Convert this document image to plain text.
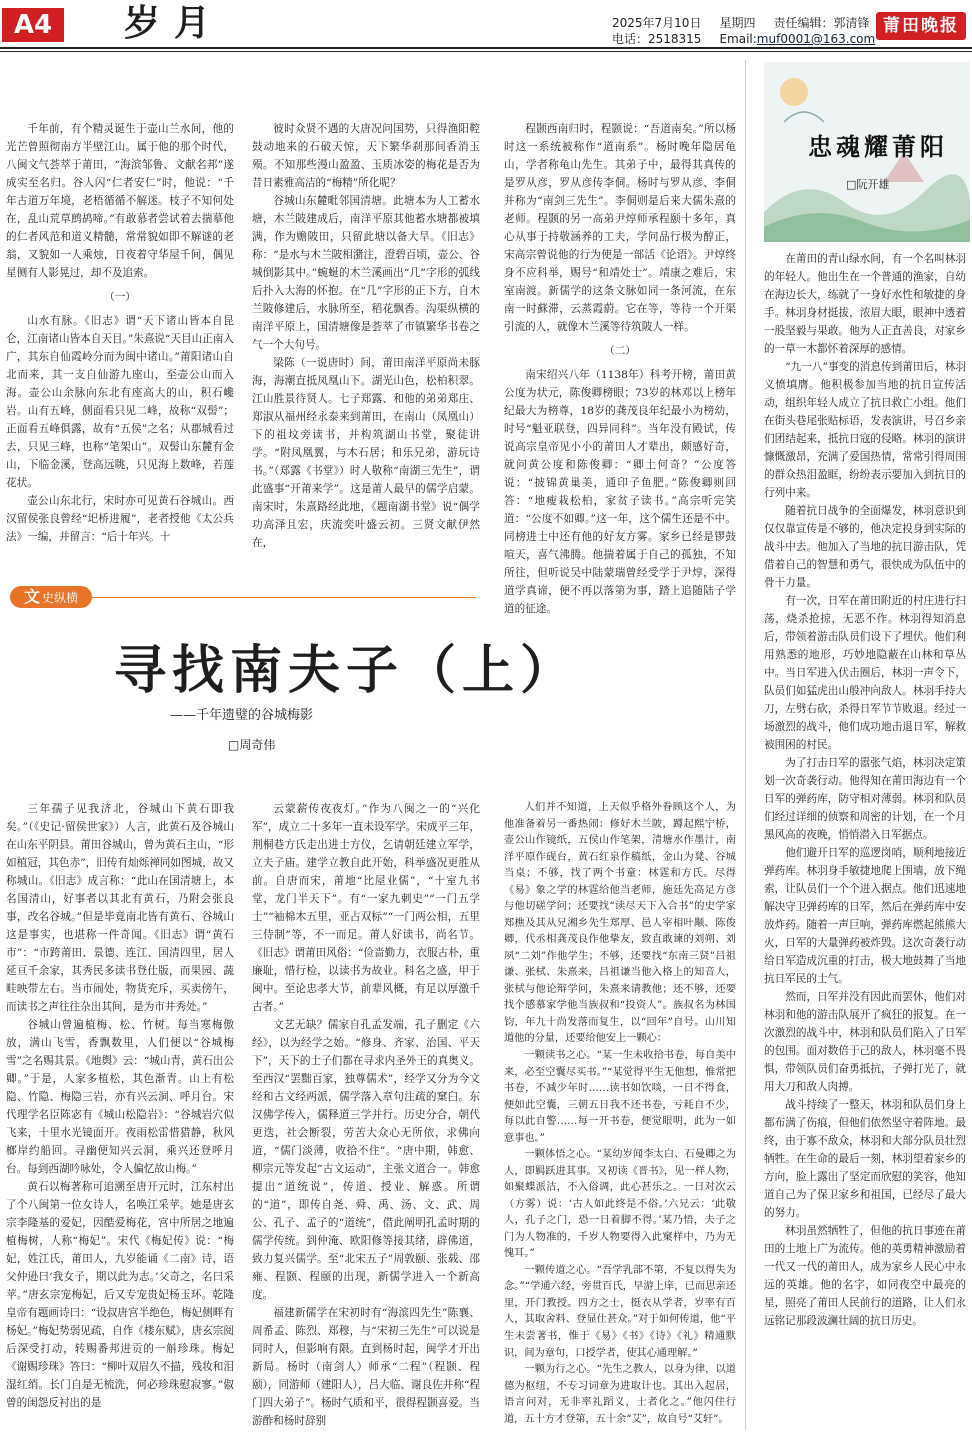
A4	岁月	2025年7月10日 星期四 责任编辑：郭清锋
电话：2518315 Email:muf0001@163.com
莆田晚报

千年前，有个精灵诞生于壶山兰水间，他的光芒曾照彻南方半壁江山。属于他的那个时代，八闽文气荟萃于莆田，“海滨邹鲁、文献名邦”遂成实至名归。谷人闪“仁者安仁”时，他说：“千年古道万年境，老梧循循不解迷。枝子不知何处在，乱山荒草鹧鸪啼。”有敢慕者尝试着去揣摹他的仁者风范和道义精髓，常常貌如即不解谜的老翁，又貌如一人乘烛，日夜着守华屋千间，偶见星侧有人影晃过，却不及追索。

（一）

山水有脉。《旧志》谓“天下诸山皆本自昆仑，江南诸山皆本自天目。”朱熹说“天目山正南入广，其东自仙霞岭分而为闽中诸山。”莆阳诸山自北而来，其一支自仙游九座山，至壶公山而入海。壶公山余脉向东北有座高大的山，积石巉岩。山有五峰，侧面看只见二峰，故称“双髻”；正面看五峰俱露，故有“五侯”之名；从郡城看过去，只见三峰，也称“笔架山”。双髻山东麓有金山，下临金溪，登高远眺，只见海上数峰，若莲花状。

壶公山东北行，宋时亦可见黄石谷城山。西汉留侯张良曾经“圯桥进履”，老者授他《太公兵法》一编，并留言：“后十年兴。十

彼时众贤不遇的大唐况问国势，只得渔阳鞚鼓动地来的石破天惊，天下繁华刹那间香消玉殒。不知那些漫山盈盈、玉质冰姿的梅花是否为昔日素雅高洁的“梅精”所化呢？

谷城山东麓毗邻国清塘。此塘本为人工蓄水塘，木兰陂建成后，南洋平原其他蓄水塘都被填满，作为赡陂田，只留此塘以备大旱。《旧志》称：“是水与木兰陂相潴注，澄碧百顷，壶公、谷城倒影其中。”蜿蜒的木兰溪画出“几”字形的弧线后扑入大海的怀抱。在“几”字形的正下方，自木兰陂修建后，水脉所至，稻花飘香。沟渠纵横的南洋平原上，国清塘像是荟萃了市镇繁华书卷之气一个大句号。

梁陈（一说唐时）间，莆田南洋平原尚未豚海，海潮直抵凤凰山下。湖光山色，松柏积翠。江山胜景待贤人。七子郑露、和他的弟弟郑庄、郑淑从福州经永泰来到莆田，在南山（凤凰山）下的祖坟旁读书，并构筑湖山书堂，聚徒讲学。“附凤凰翼，与木石居；和乐兄弟，游玩诗书。”（郑露《书堂》）时人敬称“南湖三先生”，谓此盛事“开莆来学”。这是莆人最早的儒学启蒙。南宋时，朱熹路经此地，《题南湖书堂》说“偶学功高泽且宏，庆流奕叶盛云初。三贤文献伊然在，

程颢西南归时，程颢说：“吾道南矣。”所以杨时这一系统被称作“道南系”。杨时晚年隐居龟山，学者称龟山先生。其弟子中，最得其真传的是罗从彦，罗从彦传李侗。杨时与罗从彦、李侗并称为“南剑三先生”。李侗则是后来大儒朱熹的老师。程颢的另一高弟尹焞师承程颐十多年，真心从事于持敬涵养的工夫，学问品行极为醇正，宋高宗曾说他的行为使是一部活《论语》。尹焞终身不应科举，赐号“和靖处士”。靖康之难后，宋室南渡。新儒学的这条文脉如同一条河流，在东南一时蘇滞，云蒸霞蔚。它在等，等待一个开渠引流的人，就像木兰溪等待筑陂人一样。

（二）

南宋绍兴八年（1138年）科考开榜，莆田黄公度为状元，陈俊卿榜眼；73岁的林邓以上榜年纪最大为榜尊，18岁的龚茂良年纪最小为榜幼，时号“魁亚联登，四异同科”。当年没有殿试，传说高宗皇帝见小小的莆田人才辈出，颇感好奇，就问黄公度和陈俊卿：“卿土何奇？”公度答说：“披锦黄巢美，通印子鱼肥。”陈俊卿则回答：“地瘦栽松柏，家贫子读书。”高宗听完笑道：“公度不如卿。”这一年，这个儒生还是不中。同榜进士中还有他的好友方雾。家乡已经是锣鼓喧天，喜气沸腾。他揣着属于自己的孤独，不知所往，但听说吴中陆蒙瑞曾经受学于尹焞，深得道学真谛，便不再以落第为事，踏上追随陆子学道的征途。

文 史纵横
寻找南夫子（上）
——千年遗璧的谷城梅影
□周奇伟

三年孺子见我济北，谷城山下黄石即我矣。”（《史记·留侯世家》）人言，此黄石及谷城山在山东平阴县。莆田谷城山，曾为黄石主山，“形如植冠，其色赤”，旧传有灿烁禅同如图城，故又称城山。《旧志》成言称：“此山在国清塘上，本名国清山，好事者以其北有黄石，乃附会张良事，改名谷城。”但是毕竟南北皆有黄石、谷城山这是事实，也堪称一件奇闻。《旧志》谓“黄石市”：“市跨莆田、景德、连江、国清四里，居人延亘千余家，其秀民多读书登仕版，而果园、蔬畦映带左右。当市闹处，物货充斥，买卖傍午，而读书之声往往杂出其间，是为市井秀处。”

谷城山曾遍植梅、松、竹树。每当寒梅傲放，满山飞雪，香飘数里，人们便以“谷城梅雪”之名赐其景。《地舆》云：“城山青，黄石出公卿。”于是，人家多植松，其色渐青。山上有松隐、竹隐、梅隐三岩，亦有兴云洞、呼月台。宋代理学名臣陈宓有《城山松隐岩》：“谷城岩穴似飞来，十里水光镜面开。夜雨松雷惜猎静，秋风榔岸约船回。寻幽便知兴云洞，乘兴还登呼月台。每到西湖吟咏处，令人偏忆故山梅。”

黄石以梅著称可追溯至唐开元时，江东村出了个八闽第一位女诗人，名唤江采苹。她是唐玄宗李隆基的爱妃，因酷爱梅花，宫中所居之地遍植梅树，人称“梅妃”。宋代《梅妃传》说：“梅妃，姓江氏，莆田人，九岁能诵《二南》诗，语父仲逊曰‘我女子，期以此为志。’父奇之，名曰采苹。”唐玄宗宠梅妃，后又专宠贵妃杨玉环。乾隆皇帝有题画诗曰：“设叔唐宫半绝色，梅妃侧畔有杨妃。”梅妃势弱见疏，自作《楼东赋》，唐玄宗阅后深受打动，转赐番邦进贡的一斛珍珠。梅妃《谢赐珍珠》答曰：“柳叶双眉久不描，残妆和泪湿红绡。长门自是无梳洗，何必珍珠慰寂寥。”俶曾的闺怨反衬出的是

云蒙薪传夜夜灯。”作为八闽之一的“兴化军”，成立二十多年一直未设军学。宋成平三年，荆桐巷方氏走出进士方仪，乞请朝廷建立军学，立夫子庙。建学立教自此开始，科举盛况更胜从前。自唐而宋，莆地“比屋业儒”，“十室九书堂，龙门半天下”。有“一家九刺史”“一门五学士”“袖棉木五里，亚占双标”“一门两公相，五里三侍制”等，不一而足。莆人好读书，尚名节。《旧志》谓莆田风俗：“俭啬勤力，衣服古朴，重廉耻，惜行检，以读书为故业。科名之盛，甲于闽中。至论忠孝大节，前辈风概，有足以厚激千古者。”

文艺无缺？儒家自孔孟发端，孔子删定《六经》，以为经学之始。“修身、齐家、治国、平天下”，天下的士子们都在寻求内圣外王的真奥义。至西汉“罢黜百家，独尊儒术”，经学又分为今文经和古文经两派，儒学落入章句注疏的窠臼。东汉佛学传入，儒释道三学并行。历史分合，朝代更迭，社会断裂，劳苦大众心无所依，求佛向道，“儒门淡薄，收拾不住”。“唐中期，韩愈、柳宗元等发起“古文运动”，主张文道合一。韩愈提出“道统说”，传道、授业、解惑。所谓的“道”，即传自尧、舜、禹、汤、文、武、周公、孔子、孟子的“道统”，借此阐明孔孟时期的儒学传统。到仲淹、欧阳修等接其绪，辟佛道，致力复兴儒学。至“北宋五子”周敦颐、张载、邵雍、程颢、程颐的出现，新儒学进入一个新高度。

福建新儒学在宋初时有“海滨四先生”陈襄、周希孟、陈烈、郑穆，与“宋初三先生”可以说是同时人，但影响有限。直到杨时起，闽学才开出新局。杨时（南剑人）师承“二程”（程颢、程颐），同游师（建阳人），吕大临、谢良佐并称“程门四大弟子”。杨时气质和平，很得程颢喜爱。当游酢和杨时辞别

人们并不知道，上天似乎格外眷顾这个人，为他准备着另一番热闹：修好木兰陂，蹲起熙宁桥，壶公山作镜纸，五侯山作笔架，清塘水作墨汁，南洋平原作砚台，黄石红泉作稿纸，金山为凳、谷城当桌；不够，找了两个书童：林霆和方氏。尽得《易》象之学的林霆给他当老师，施廷先高足方彦与他切磋学问；还要找“读尽天下入合书”的史学家郑樵及其从兄湘乡先生郑厚、邑人宰相叶颙、陈俊卿，代丞相龚茂良作他挚友，致直敢谏的刘朔、刘夙“二刘”作他学生；不够，还要找“东南三贤”吕祖谦、张栻、朱熹来，吕祖谦当他入格上的知音人，张栻与他论辩学问，朱熹来请教他；还不够，还要找个感慕家学他当族叔和“投资人”。族叔名为林国钧，年九十尚发落而复生，以“回年”自号。山川知道他的分量，还要给他安上一颗心：

一颗读书之心。“某一生未收拾书卷，每自美中来，必至空囊尽买书。”“某觉得平生无他想，惟常把书卷，不减少年时……读书如饮啖，一日不得食，便如此空囊，三朝五日我不还书卷，亏耗自不少，每以此自警……每一开书卷，便觉眼明，此为一如意事也。”

一颗体悟之心。“某幼岁闻李太白、石曼卿之为人，即羁跃进其事。又初读《晋书》，见一样人物，如聚蝶派洁，不入俗调，此心甚乐之。一日对次云（方雾）说：‘古人如此终是不俗。’六兄云：‘此敬人，孔子之门，恐一日着脚不得。’某乃悟，夫子之门为人物准的，千岁人物要得入此窠样中，乃为无愧耳。”

一颗传道之心。“吾学乳部不第，不复以得失为念。”“学通六经，旁贯百氏，早游上庠，已而思亲还里，开门教授。四方之士，挺衣从学者，岁率有百人，其取舍料、登显仕甚众。”对于如何传道，他“平生未尝著书，惟于《易》《书》《诗》《礼》精通默识，间为章句，口授学者，使其心通理解。”

一颗为行之心。“先生之教人，以身为律，以道德为枢纽，不专习词章为进取计也。其出入起居，语言问对，无非率礼蹈义，士者化之。”他闪住行道，五十方才登第，五十余“艾”，故自号“艾轩”。

忠魂耀莆阳
□阮开雄

在莆田的青山绿水间，有一个名叫林羽的年轻人。他出生在一个普通的渔家，自幼在海边长大，练就了一身好水性和敏捷的身手。林羽身材挺拔，浓眉大眼，眼神中透着一股坚毅与果敢。他为人正直善良，对家乡的一草一木都怀着深厚的感情。

“九一八”事变的消息传到莆田后，林羽义愤填膺。他积极参加当地的抗日宣传活动，组织年轻人成立了抗日救亡小组。他们在街头巷尾张贴标语，发表演讲，号召乡亲们团结起来，抵抗日寇的侵略。林羽的演讲慷慨激昂，充满了爱国热情，常常引得周围的群众热泪盈眶，纷纷表示要加入到抗日的行列中来。

随着抗日战争的全面爆发，林羽意识到仅仅靠宣传是不够的，他决定投身到实际的战斗中去。他加入了当地的抗日游击队，凭借着自己的智慧和勇气，很快成为队伍中的骨干力量。

有一次，日军在莆田附近的村庄进行扫荡，烧杀抢掠，无恶不作。林羽得知消息后，带领着游击队员们设下了埋伏。他们利用熟悉的地形，巧妙地隐蔽在山林和草丛中。当日军进入伏击圈后，林羽一声令下，队员们如猛虎出山般冲向敌人。林羽手持大刀，左劈右砍，杀得日军节节败退。经过一场激烈的战斗，他们成功地击退日军，解救被围困的村民。

为了打击日军的嚣张气焰，林羽决定策划一次奇袭行动。他得知在莆田海边有一个日军的弹药库，防守相对薄弱。林羽和队员们经过详细的侦察和周密的计划，在一个月黑风高的夜晚，悄悄潜入日军据点。

他们避开日军的巡逻岗哨，顺利地接近弹药库。林羽身手敏捷地爬上围墙，放下绳索，让队员们一个个进入据点。他们迅速地解决守卫弹药库的日军，然后在弹药库中安放炸药。随着一声巨响，弹药库燃起熊熊大火，日军的大量弹药被炸毁。这次奇袭行动给日军造成沉重的打击，极大地鼓舞了当地抗日军民的士气。

然而，日军并没有因此而罢休，他们对林羽和他的游击队展开了疯狂的报复。在一次激烈的战斗中，林羽和队员们陷入了日军的包围。面对数倍于己的敌人，林羽毫不畏惧，带领队员们奋勇抵抗，子弹打光了，就用大刀和敌人肉搏。

战斗持续了一整天，林羽和队员们身上都布满了伤痕，但他们依然坚守着阵地。最终，由于寡不敌众，林羽和大部分队员壮烈牺牲。在生命的最后一刻，林羽望着家乡的方向，脸上露出了坚定而欣慰的笑容，他知道自己为了保卫家乡和祖国，已经尽了最大的努力。

林羽虽然牺牲了，但他的抗日事迹在莆田的土地上广为流传。他的英勇精神激励着一代又一代的莆田人，成为家乡人民心中永远的英雄。他的名字，如同夜空中最亮的星，照亮了莆田人民前行的道路，让人们永远铭记那段波澜壮阔的抗日历史。
